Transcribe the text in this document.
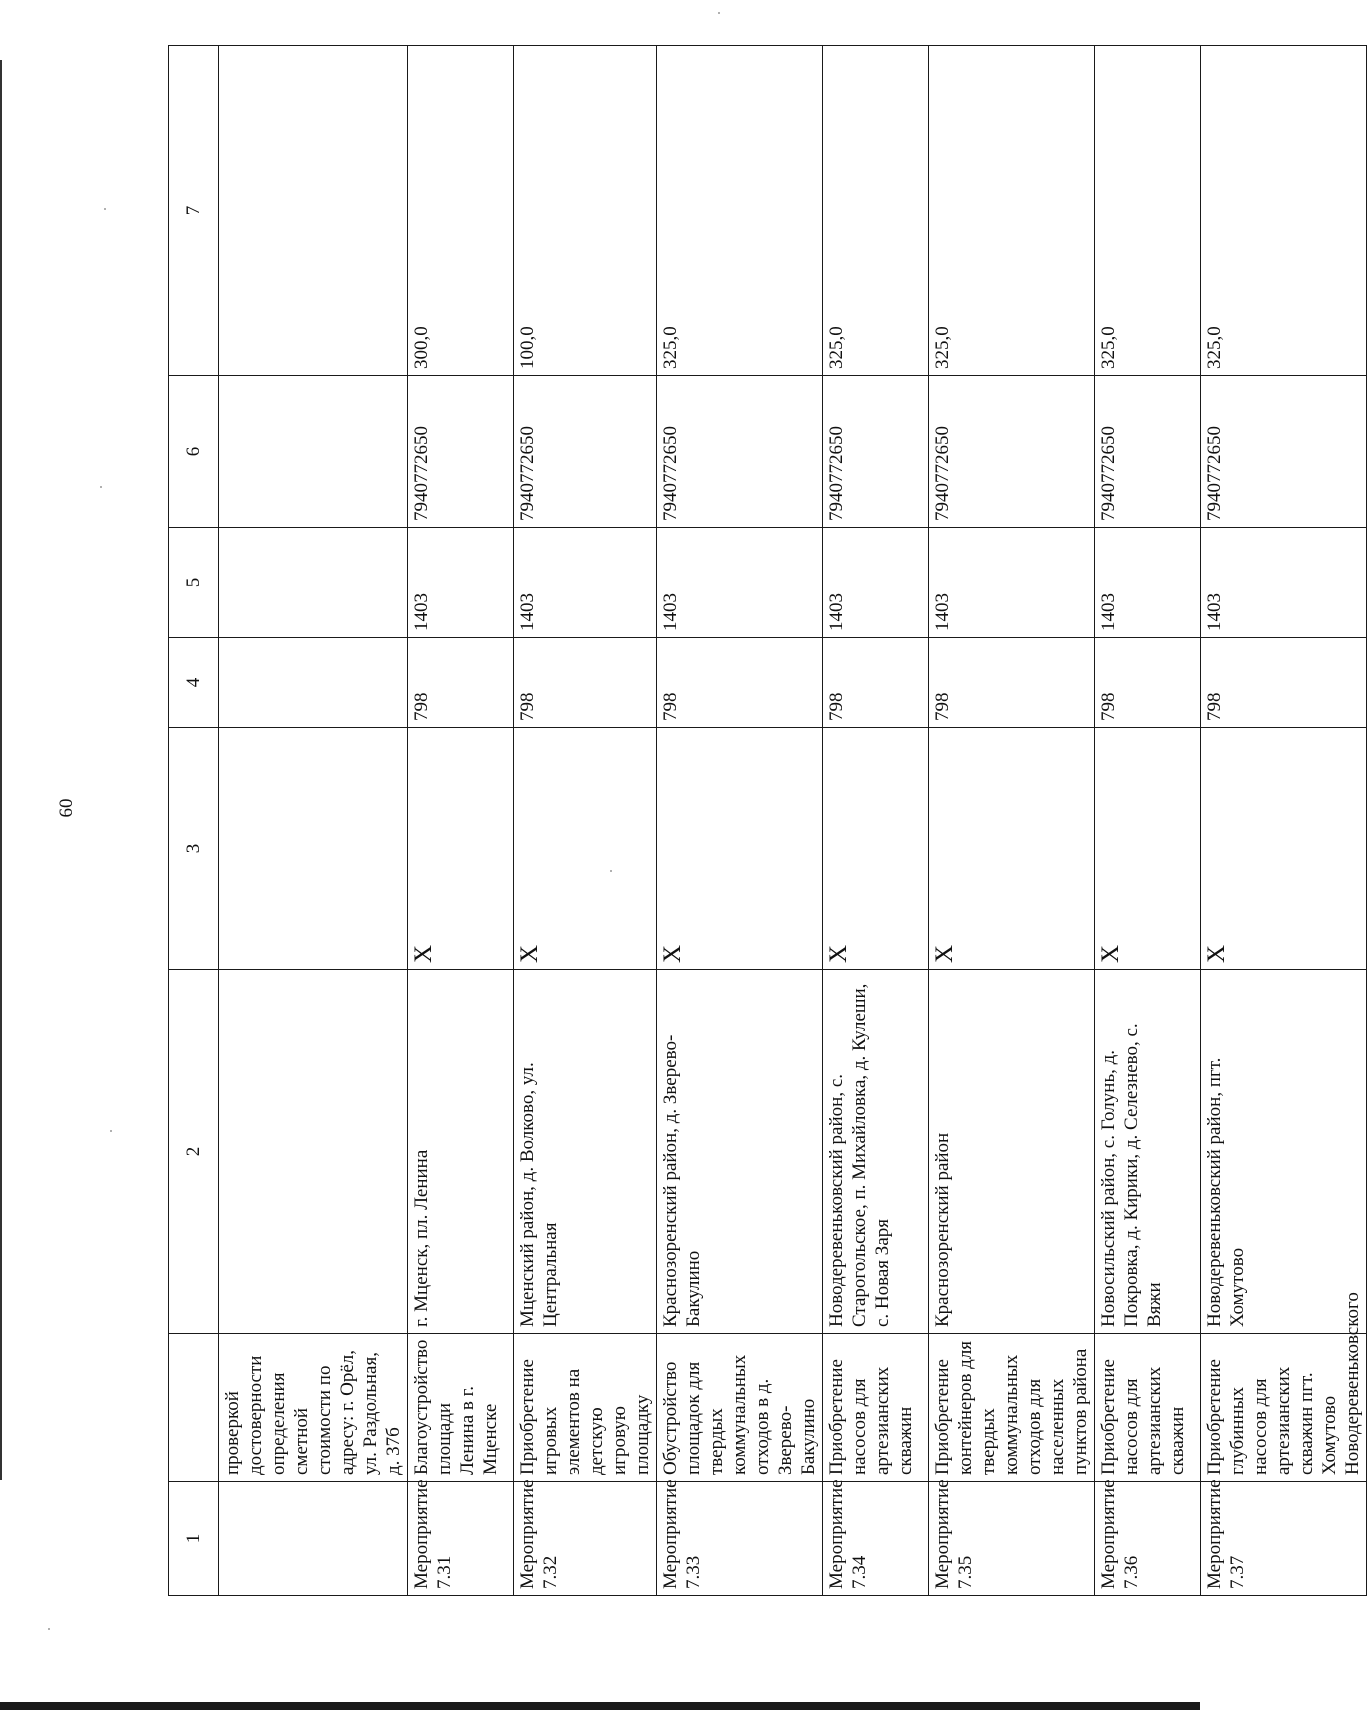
60
1		2	3	4	5	6	7
	проверкой достоверности определения сметной стоимости по адресу: г. Орёл, ул. Раздольная, д. 37б						
Мероприятие 7.31	Благоустройство площади Ленина в г. Мценске	г. Мценск, пл. Ленина	Х	798	1403	7940772650	300,0
Мероприятие 7.32	Приобретение игровых элементов на детскую игровую площадку	Мценский район, д. Волково, ул. Центральная	Х	798	1403	7940772650	100,0
Мероприятие 7.33	Обустройство площадок для твердых коммунальных отходов в д. Зверево-Бакулино	Краснозоренский район, д. Зверево-Бакулино	Х	798	1403	7940772650	325,0
Мероприятие 7.34	Приобретение насосов для артезианских скважин	Новодеревеньковский район, с. Старогольское, п. Михайловка, д. Кулеши, с. Новая Заря	Х	798	1403	7940772650	325,0
Мероприятие 7.35	Приобретение контейнеров для твердых коммунальных отходов для населенных пунктов района	Краснозоренский район	Х	798	1403	7940772650	325,0
Мероприятие 7.36	Приобретение насосов для артезианских скважин	Новосильский район, с. Голунь, д. Покровка, д. Кирики, д. Селезнево, с. Вяжи	Х	798	1403	7940772650	325,0
Мероприятие 7.37	Приобретение глубинных насосов для артезианских скважин пгт. Хомутово Новодеревеньковского	Новодеревеньковский район, пгт. Хомутово	Х	798	1403	7940772650	325,0
